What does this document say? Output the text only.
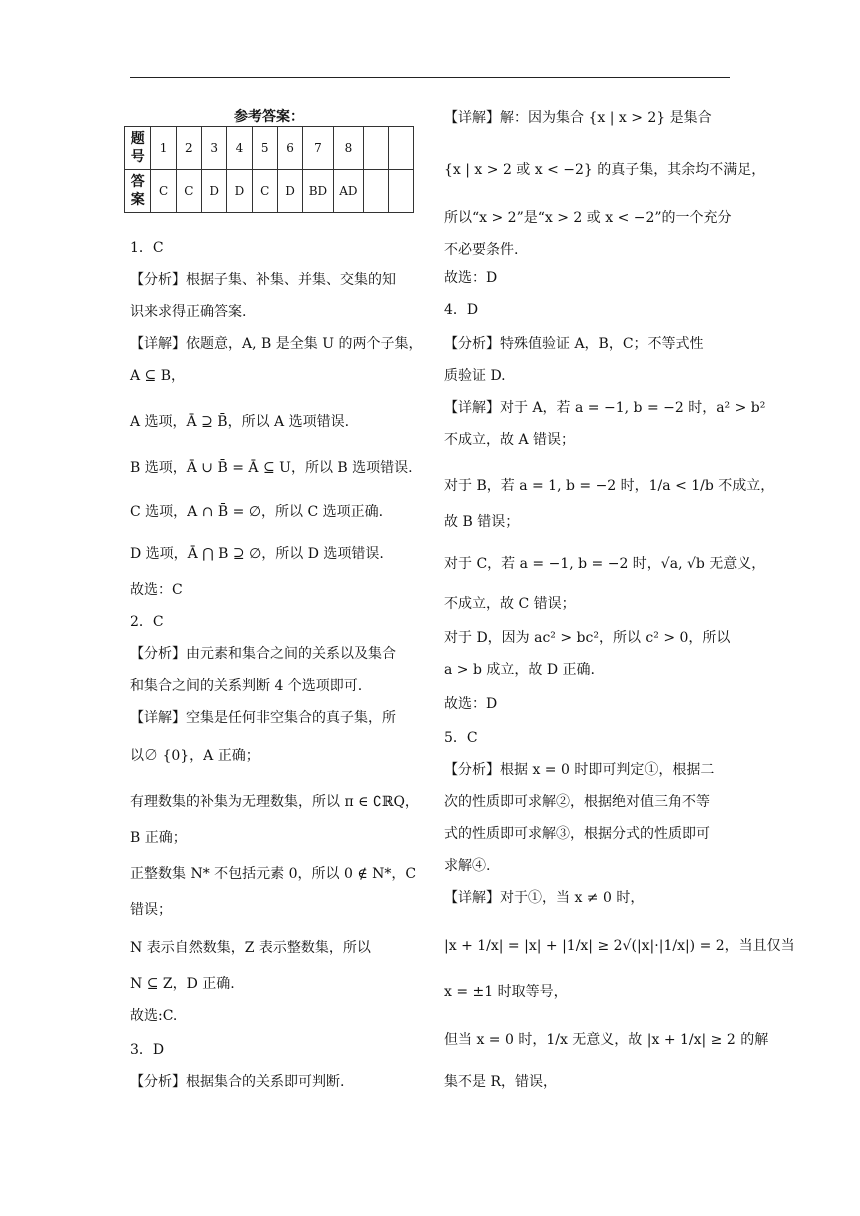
参考答案：
题号	1	2	3	4	5	6	7	8		
答案	C	C	D	D	C	D	BD	AD		
1．C
【分析】根据子集、补集、并集、交集的知
识来求得正确答案.
【详解】依题意，A, B 是全集 U 的两个子集，
A ⊆ B，
A 选项，Ā ⊇ B̄，所以 A 选项错误.
B 选项，Ā ∪ B̄ = Ā ⊆ U，所以 B 选项错误.
C 选项，A ∩ B̄ = ∅，所以 C 选项正确.
D 选项，Ā ⋂ B ⊇ ∅，所以 D 选项错误.
故选：C
2．C
【分析】由元素和集合之间的关系以及集合
和集合之间的关系判断 4 个选项即可.
【详解】空集是任何非空集合的真子集，所
以∅ {0}，A 正确；
有理数集的补集为无理数集，所以 π ∈ ∁ℝQ，
B 正确；
正整数集 N* 不包括元素 0，所以 0 ∉ N*，C
错误；
N 表示自然数集，Z 表示整数集，所以
N ⊆ Z，D 正确.
故选:C.
3．D
【分析】根据集合的关系即可判断.
【详解】解：因为集合 {x | x > 2} 是集合
{x | x > 2 或 x < −2} 的真子集，其余均不满足，
所以“x > 2”是“x > 2 或 x < −2”的一个充分
不必要条件.
故选：D
4．D
【分析】特殊值验证 A，B，C；不等式性
质验证 D.
【详解】对于 A，若 a = −1, b = −2 时，a² > b²
不成立，故 A 错误；
对于 B，若 a = 1, b = −2 时，1/a < 1/b 不成立，
故 B 错误；
对于 C，若 a = −1, b = −2 时，√a, √b 无意义，
不成立，故 C 错误；
对于 D，因为 ac² > bc²，所以 c² > 0，所以
a > b 成立，故 D 正确.
故选：D
5．C
【分析】根据 x = 0 时即可判定①，根据二
次的性质即可求解②，根据绝对值三角不等
式的性质即可求解③，根据分式的性质即可
求解④.
【详解】对于①，当 x ≠ 0 时，
|x + 1/x| = |x| + |1/x| ≥ 2√(|x|·|1/x|) = 2，当且仅当
x = ±1 时取等号，
但当 x = 0 时，1/x 无意义，故 |x + 1/x| ≥ 2 的解
集不是 R，错误，
